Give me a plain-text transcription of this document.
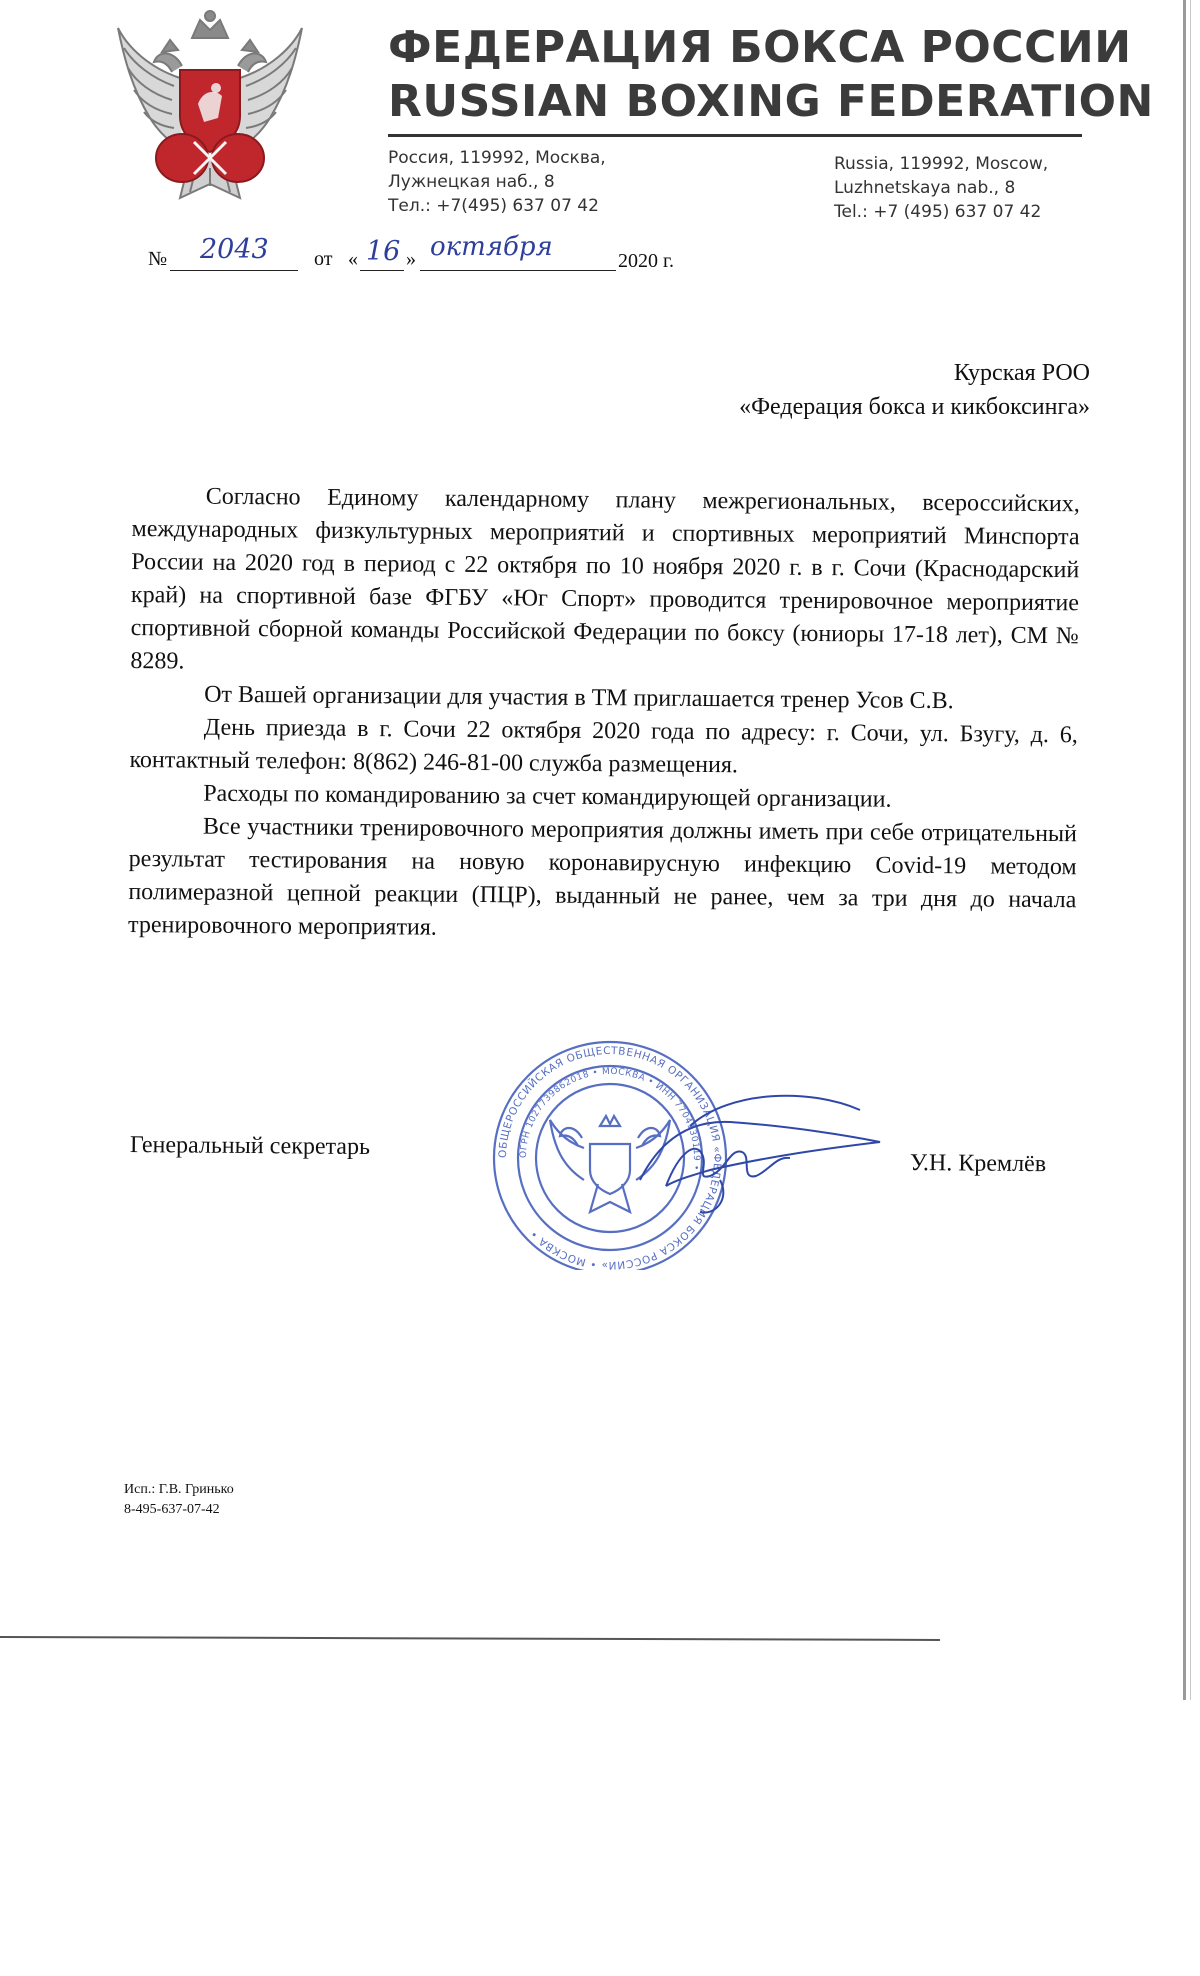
ФЕДЕРАЦИЯ БОКСА РОССИИ
RUSSIAN BOXING FEDERATION
Россия, 119992, Москва,
Лужнецкая наб., 8
Тел.: +7(495) 637 07 42
Russia, 119992, Moscow,
Luzhnetskaya nab., 8
Tel.: +7 (495) 637 07 42
№ 2043 от « 16 » октября	2020 г.
Курская РОО
«Федерация бокса и кикбоксинга»

Согласно Единому календарному плану межрегиональных, всероссийских, международных физкультурных мероприятий и спортивных мероприятий Минспорта России на 2020 год в период с 22 октября по 10 ноября 2020 г. в г. Сочи (Краснодарский край) на спортивной базе ФГБУ «Юг Спорт» проводится тренировочное мероприятие спортивной сборной команды Российской Федерации по боксу (юниоры 17-18 лет), СМ № 8289.

От Вашей организации для участия в ТМ приглашается тренер Усов С.В.

День приезда в г. Сочи 22 октября 2020 года по адресу: г. Сочи, ул. Бзугу, д. 6, контактный телефон: 8(862) 246-81-00 служба размещения.

Расходы по командированию за счет командирующей организации.

Все участники тренировочного мероприятия должны иметь при себе отрицательный результат тестирования на новую коронавирусную инфекцию Covid-19 методом полимеразной цепной реакции (ПЦР), выданный не ранее, чем за три дня до начала тренировочного мероприятия.

ОБЩЕРОССИЙСКАЯ ОБЩЕСТВЕННАЯ ОРГАНИЗАЦИЯ «ФЕДЕРАЦИЯ БОКСА РОССИИ» • МОСКВА •
ОГРН 1027739862018 • МОСКВА • ИНН 7704130119 •
Генеральный секретарь
У.Н. Кремлёв
Исп.: Г.В. Гринько
8-495-637-07-42
